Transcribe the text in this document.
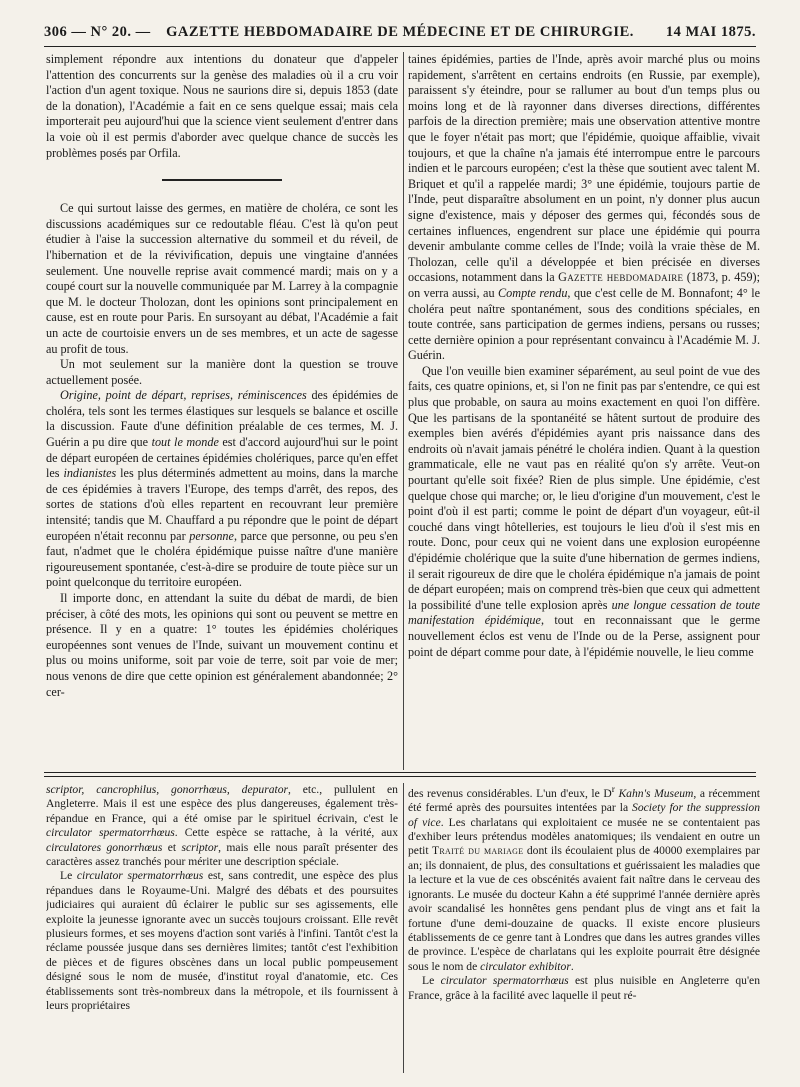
306 — N° 20. —	GAZETTE HEBDOMADAIRE DE MÉDECINE ET DE CHIRURGIE.	14 MAI 1875.

simplement répondre aux intentions du donateur que d'appeler l'attention des concurrents sur la genèse des maladies où il a cru voir l'action d'un agent toxique. Nous ne saurions dire si, depuis 1853 (date de la donation), l'Académie a fait en ce sens quelque essai; mais cela importerait peu aujourd'hui que la science vient seulement d'entrer dans la voie où il est permis d'aborder avec quelque chance de succès les problèmes posés par Orfila.

Ce qui surtout laisse des germes, en matière de choléra, ce sont les discussions académiques sur ce redoutable fléau. C'est là qu'on peut étudier à l'aise la succession alternative du sommeil et du réveil, de l'hibernation et de la réviviﬁcation, depuis une vingtaine d'années seulement. Une nouvelle reprise avait commencé mardi; mais on y a coupé court sur la nouvelle communiquée par M. Larrey à la compagnie que M. le docteur Tholozan, dont les opinions sont principalement en cause, est en route pour Paris. En sursoyant au débat, l'Académie a fait un acte de courtoisie envers un de ses membres, et un acte de sagesse au profit de tous.

Un mot seulement sur la manière dont la question se trouve actuellement posée.

Origine, point de départ, reprises, réminiscences des épidémies de choléra, tels sont les termes élastiques sur lesquels se balance et oscille la discussion. Faute d'une définition préalable de ces termes, M. J. Guérin a pu dire que tout le monde est d'accord aujourd'hui sur le point de départ européen de certaines épidémies cholériques, parce qu'en effet les indianistes les plus déterminés admettent au moins, dans la marche de ces épidémies à travers l'Europe, des temps d'arrêt, des repos, des sortes de stations d'où elles repartent en recouvrant leur première intensité; tandis que M. Chauffard a pu répondre que le point de départ européen n'était reconnu par personne, parce que personne, ou peu s'en faut, n'admet que le choléra épidémique puisse naître d'une manière rigoureusement spontanée, c'est-à-dire se produire de toute pièce sur un point quelconque du territoire européen.

Il importe donc, en attendant la suite du débat de mardi, de bien préciser, à côté des mots, les opinions qui sont ou peuvent se mettre en présence. Il y en a quatre: 1° toutes les épidémies cholériques européennes sont venues de l'Inde, suivant un mouvement continu et plus ou moins uniforme, soit par voie de terre, soit par voie de mer; nous venons de dire que cette opinion est généralement abandonnée; 2° cer-

taines épidémies, parties de l'Inde, après avoir marché plus ou moins rapidement, s'arrêtent en certains endroits (en Russie, par exemple), paraissent s'y éteindre, pour se rallumer au bout d'un temps plus ou moins long et de là rayonner dans diverses directions, différentes parfois de la direction première; mais une observation attentive montre que le foyer n'était pas mort; que l'épidémie, quoique affaiblie, vivait toujours, et que la chaîne n'a jamais été interrompue entre le parcours indien et le parcours européen; c'est la thèse que soutient avec talent M. Briquet et qu'il a rappelée mardi; 3° une épidémie, toujours partie de l'Inde, peut disparaître absolument en un point, n'y donner plus aucun signe d'existence, mais y déposer des germes qui, fécondés sous de certaines influences, engendrent sur place une épidémie qui pourra devenir ambulante comme celles de l'Inde; voilà la vraie thèse de M. Tholozan, celle qu'il a développée et bien précisée en diverses occasions, notamment dans la Gazette hebdomadaire (1873, p. 459); on verra aussi, au Compte rendu, que c'est celle de M. Bonnafont; 4° le choléra peut naître spontanément, sous des conditions spéciales, en toute contrée, sans participation de germes indiens, persans ou russes; cette dernière opinion a pour représentant convaincu à l'Académie M. J. Guérin.

Que l'on veuille bien examiner séparément, au seul point de vue des faits, ces quatre opinions, et, si l'on ne finit pas par s'entendre, ce qui est plus que probable, on saura au moins exactement en quoi l'on diffère. Que les partisans de la spontanéité se hâtent surtout de produire des exemples bien avérés d'épidémies ayant pris naissance dans des endroits où n'avait jamais pénétré le choléra indien. Quant à la question grammaticale, elle ne vaut pas en réalité qu'on s'y arrête. Veut-on pourtant qu'elle soit fixée? Rien de plus simple. Une épidémie, c'est quelque chose qui marche; or, le lieu d'origine d'un mouvement, c'est le point d'où il est parti; comme le point de départ d'un voyageur, eût-il couché dans vingt hôtelleries, est toujours le lieu d'où il s'est mis en route. Donc, pour ceux qui ne voient dans une explosion européenne d'épidémie cholérique que la suite d'une hibernation de germes indiens, il serait rigoureux de dire que le choléra épidémique n'a jamais de point de départ européen; mais on comprend très-bien que ceux qui admettent la possibilité d'une telle explosion après une longue cessation de toute manifestation épidémique, tout en reconnaissant que le germe nouvellement éclos est venu de l'Inde ou de la Perse, assignent pour point de départ comme pour date, à l'épidémie nouvelle, le lieu comme

scriptor, cancrophilus, gonorrhœus, depurator, etc., pullulent en Angleterre. Mais il est une espèce des plus dangereuses, également très-répandue en France, qui a été omise par le spirituel écrivain, c'est le circulator spermatorrhœus. Cette espèce se rattache, à la vérité, aux circulatores gonorrhœus et scriptor, mais elle nous paraît présenter des caractères assez tranchés pour mériter une description spéciale.

Le circulator spermatorrhœus est, sans contredit, une espèce des plus répandues dans le Royaume-Uni. Malgré des débats et des poursuites judiciaires qui auraient dû éclairer le public sur ses agissements, elle exploite la jeunesse ignorante avec un succès toujours croissant. Elle revêt plusieurs formes, et ses moyens d'action sont variés à l'infini. Tantôt c'est la réclame poussée jusque dans ses dernières limites; tantôt c'est l'exhibition de pièces et de figures obscènes dans un local public pompeusement désigné sous le nom de musée, d'institut royal d'anatomie, etc. Ces établissements sont très-nombreux dans la métropole, et ils fournissent à leurs propriétaires

des revenus considérables. L'un d'eux, le $D^r$ Kahn's Museum, a récemment été fermé après des poursuites intentées par la Society for the suppression of vice. Les charlatans qui exploitaient ce musée ne se contentaient pas d'exhiber leurs prétendus modèles anatomiques; ils vendaient en outre un petit Traité du mariage dont ils écoulaient plus de 40000 exemplaires par an; ils donnaient, de plus, des consultations et guérissaient les maladies que la lecture et la vue de ces obscénités avaient fait naître dans le cerveau des ignorants. Le musée du docteur Kahn a été supprimé l'année dernière après avoir scandalisé les honnêtes gens pendant plus de vingt ans et fait la fortune d'une demi-douzaine de quacks. Il existe encore plusieurs établissements de ce genre tant à Londres que dans les autres grandes villes de province. L'espèce de charlatans qui les exploite pourrait être désignée sous le nom de circulator exhibitor.

Le circulator spermatorrhœus est plus nuisible en Angleterre qu'en France, grâce à la facilité avec laquelle il peut ré-
